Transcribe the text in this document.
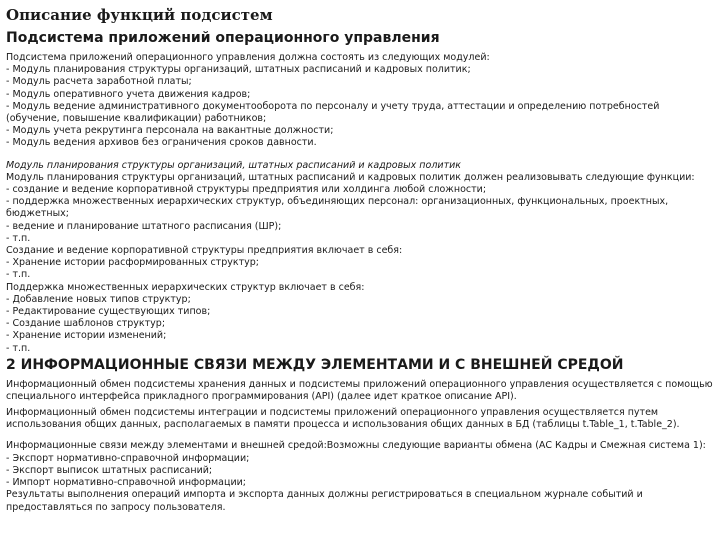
Описание функций подсистем
Подсистема приложений операционного управления
Подсистема приложений операционного управления должна состоять из следующих модулей:
- Модуль планирования структуры организаций, штатных расписаний и кадровых политик;
- Модуль расчета заработной платы;
- Модуль оперативного учета движения кадров;
- Модуль ведение административного документооборота по персоналу и учету труда, аттестации и определению потребностей (обучение, повышение квалификации) работников;
- Модуль учета рекрутинга персонала на вакантные должности;
- Модуль ведения архивов без ограничения сроков давности.
Модуль планирования структуры организаций, штатных расписаний и кадровых политик
Модуль планирования структуры организаций, штатных расписаний и кадровых политик должен реализовывать следующие функции:
- создание и ведение корпоративной структуры предприятия или холдинга любой сложности;
- поддержка множественных иерархических структур, объединяющих персонал: организационных, функциональных, проектных, бюджетных;
- ведение и планирование штатного расписания (ШР);
- т.п.
Создание и ведение корпоративной структуры предприятия включает в себя:
- Хранение истории расформированных структур;
- т.п.
Поддержка множественных иерархических структур включает в себя:
- Добавление новых типов структур;
- Редактирование существующих типов;
- Создание шаблонов структур;
- Хранение истории изменений;
- т.п.
2 ИНФОРМАЦИОННЫЕ СВЯЗИ МЕЖДУ ЭЛЕМЕНТАМИ И С ВНЕШНЕЙ СРЕДОЙ

Информационный обмен подсистемы хранения данных и подсистемы приложений операционного управления осуществляется с помощью специального интерфейса прикладного программирования (API) (далее идет краткое описание API).

Информационный обмен подсистемы интеграции и подсистемы приложений операционного управления осуществляется путем использования общих данных, располагаемых в памяти процесса и использования общих данных в БД (таблицы t.Table_1, t.Table_2).

Информационные связи между элементами и внешней средой:Возможны следующие варианты обмена (АС Кадры и Смежная система 1):
- Экспорт нормативно-справочной информации;
- Экспорт выписок штатных расписаний;
- Импорт нормативно-справочной информации;
Результаты выполнения операций импорта и экспорта данных должны регистрироваться в специальном журнале событий и предоставляться по запросу пользователя.
